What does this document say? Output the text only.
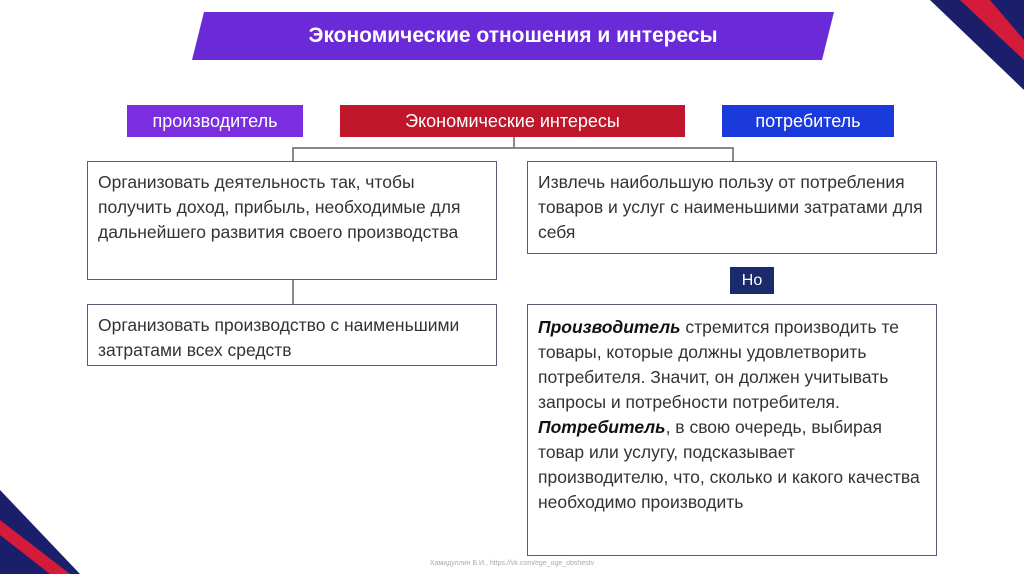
Экономические отношения и интересы
производитель	Экономические интересы	потребитель
Организовать деятельность так, чтобы получить доход, прибыль, необходимые для дальнейшего развития своего производства
Организовать производство с наименьшими затратами всех средств
Извлечь наибольшую пользу от потребления товаров и услуг с наименьшими затратами для себя
Но
Производитель стремится производить те товары, которые должны удовлетворить потребителя. Значит, он должен учитывать запросы и потребности потребителя.
Потребитель, в свою очередь, выбирая товар или услугу, подсказывает производителю, что, сколько и какого качества необходимо производить
Хамидуллин Б.И., https://vk.com/ege_oge_obshestv
